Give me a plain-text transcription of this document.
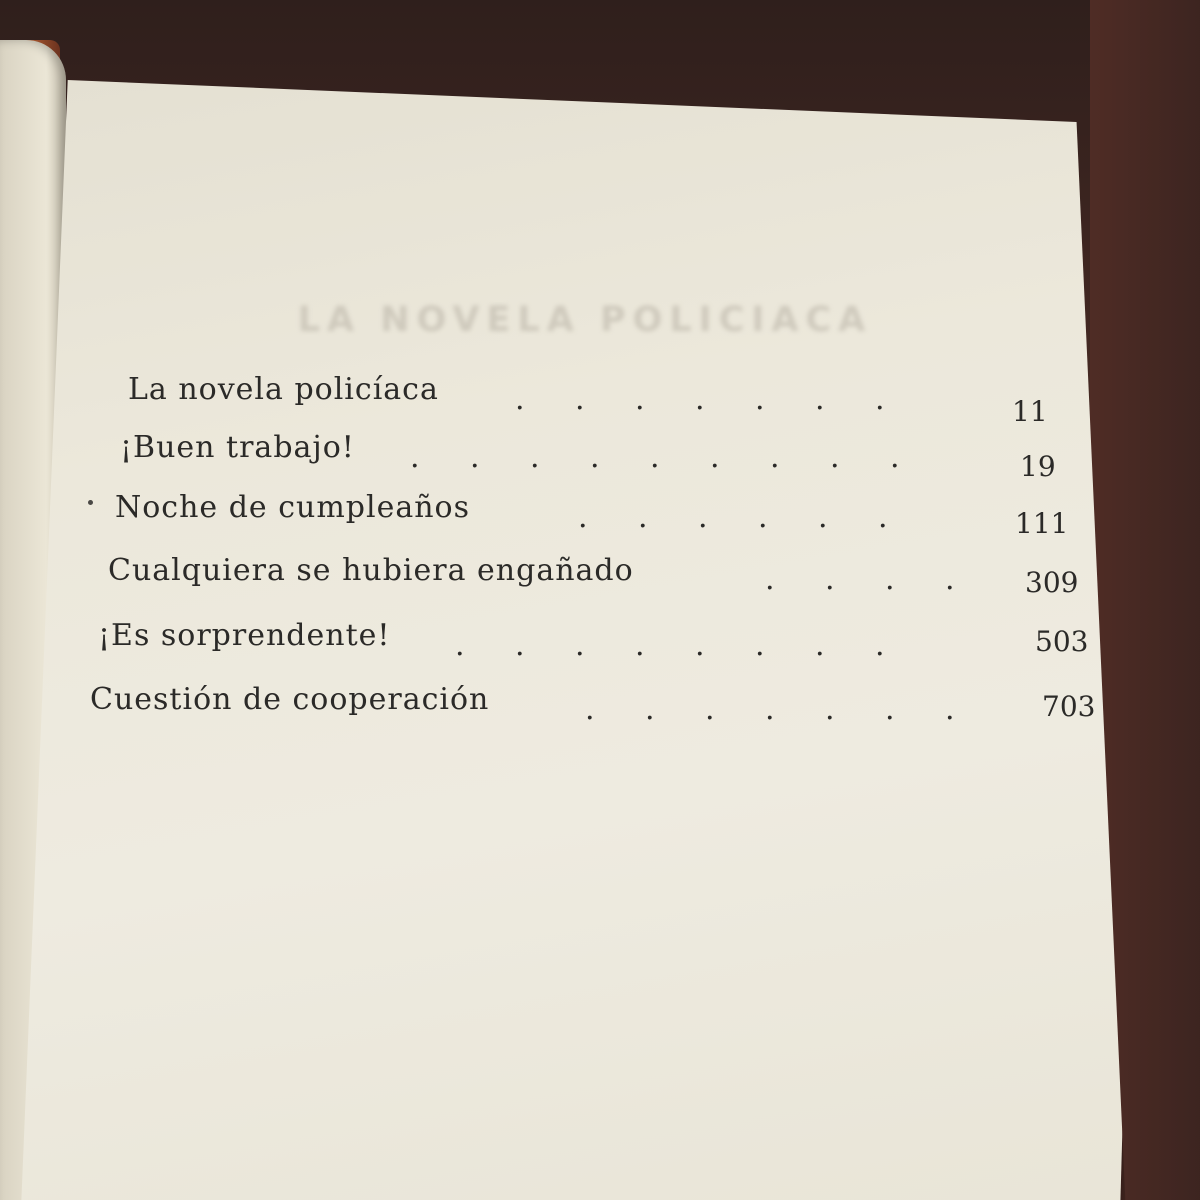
LA NOVELA POLICIACA
La novela policíaca	. . . . . . .	11
¡Buen trabajo! . . . . . . . . .	19
Noche de cumpleaños	. . . . . .	111
Cualquiera se hubiera engañado	. . . .	309
¡Es sorprendente! . . . . . . . .	503
Cuestión de cooperación	. . . . . . .	703
